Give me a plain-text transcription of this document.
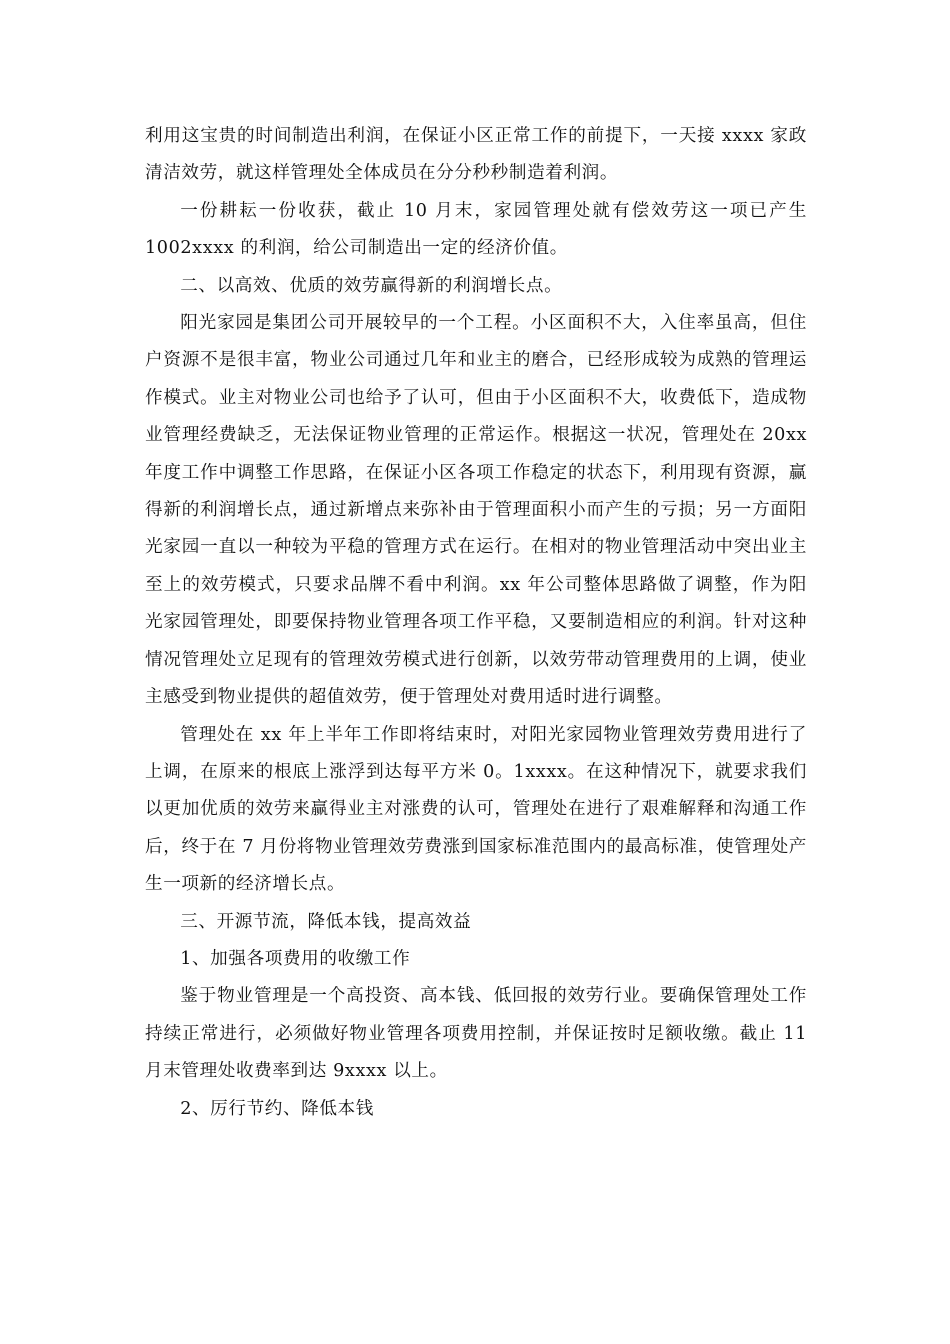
利用这宝贵的时间制造出利润，在保证小区正常工作的前提下，一天接 xxxx 家政清洁效劳，就这样管理处全体成员在分分秒秒制造着利润。

一份耕耘一份收获，截止 10 月末，家园管理处就有偿效劳这一项已产生 1002xxxx 的利润，给公司制造出一定的经济价值。

二、以高效、优质的效劳赢得新的利润增长点。

阳光家园是集团公司开展较早的一个工程。小区面积不大，入住率虽高，但住户资源不是很丰富，物业公司通过几年和业主的磨合，已经形成较为成熟的管理运作模式。业主对物业公司也给予了认可，但由于小区面积不大，收费低下，造成物业管理经费缺乏，无法保证物业管理的正常运作。根据这一状况，管理处在 20xx 年度工作中调整工作思路，在保证小区各项工作稳定的状态下，利用现有资源，赢得新的利润增长点，通过新增点来弥补由于管理面积小而产生的亏损；另一方面阳光家园一直以一种较为平稳的管理方式在运行。在相对的物业管理活动中突出业主至上的效劳模式，只要求品牌不看中利润。xx 年公司整体思路做了调整，作为阳光家园管理处，即要保持物业管理各项工作平稳，又要制造相应的利润。针对这种情况管理处立足现有的管理效劳模式进行创新，以效劳带动管理费用的上调，使业主感受到物业提供的超值效劳，便于管理处对费用适时进行调整。

管理处在 xx 年上半年工作即将结束时，对阳光家园物业管理效劳费用进行了上调，在原来的根底上涨浮到达每平方米 0。1xxxx。在这种情况下，就要求我们以更加优质的效劳来赢得业主对涨费的认可，管理处在进行了艰难解释和沟通工作后，终于在 7 月份将物业管理效劳费涨到国家标准范围内的最高标准，使管理处产生一项新的经济增长点。

三、开源节流，降低本钱，提高效益

1、加强各项费用的收缴工作

鉴于物业管理是一个高投资、高本钱、低回报的效劳行业。要确保管理处工作持续正常进行，必须做好物业管理各项费用控制，并保证按时足额收缴。截止 11 月末管理处收费率到达 9xxxx 以上。

2、厉行节约、降低本钱
